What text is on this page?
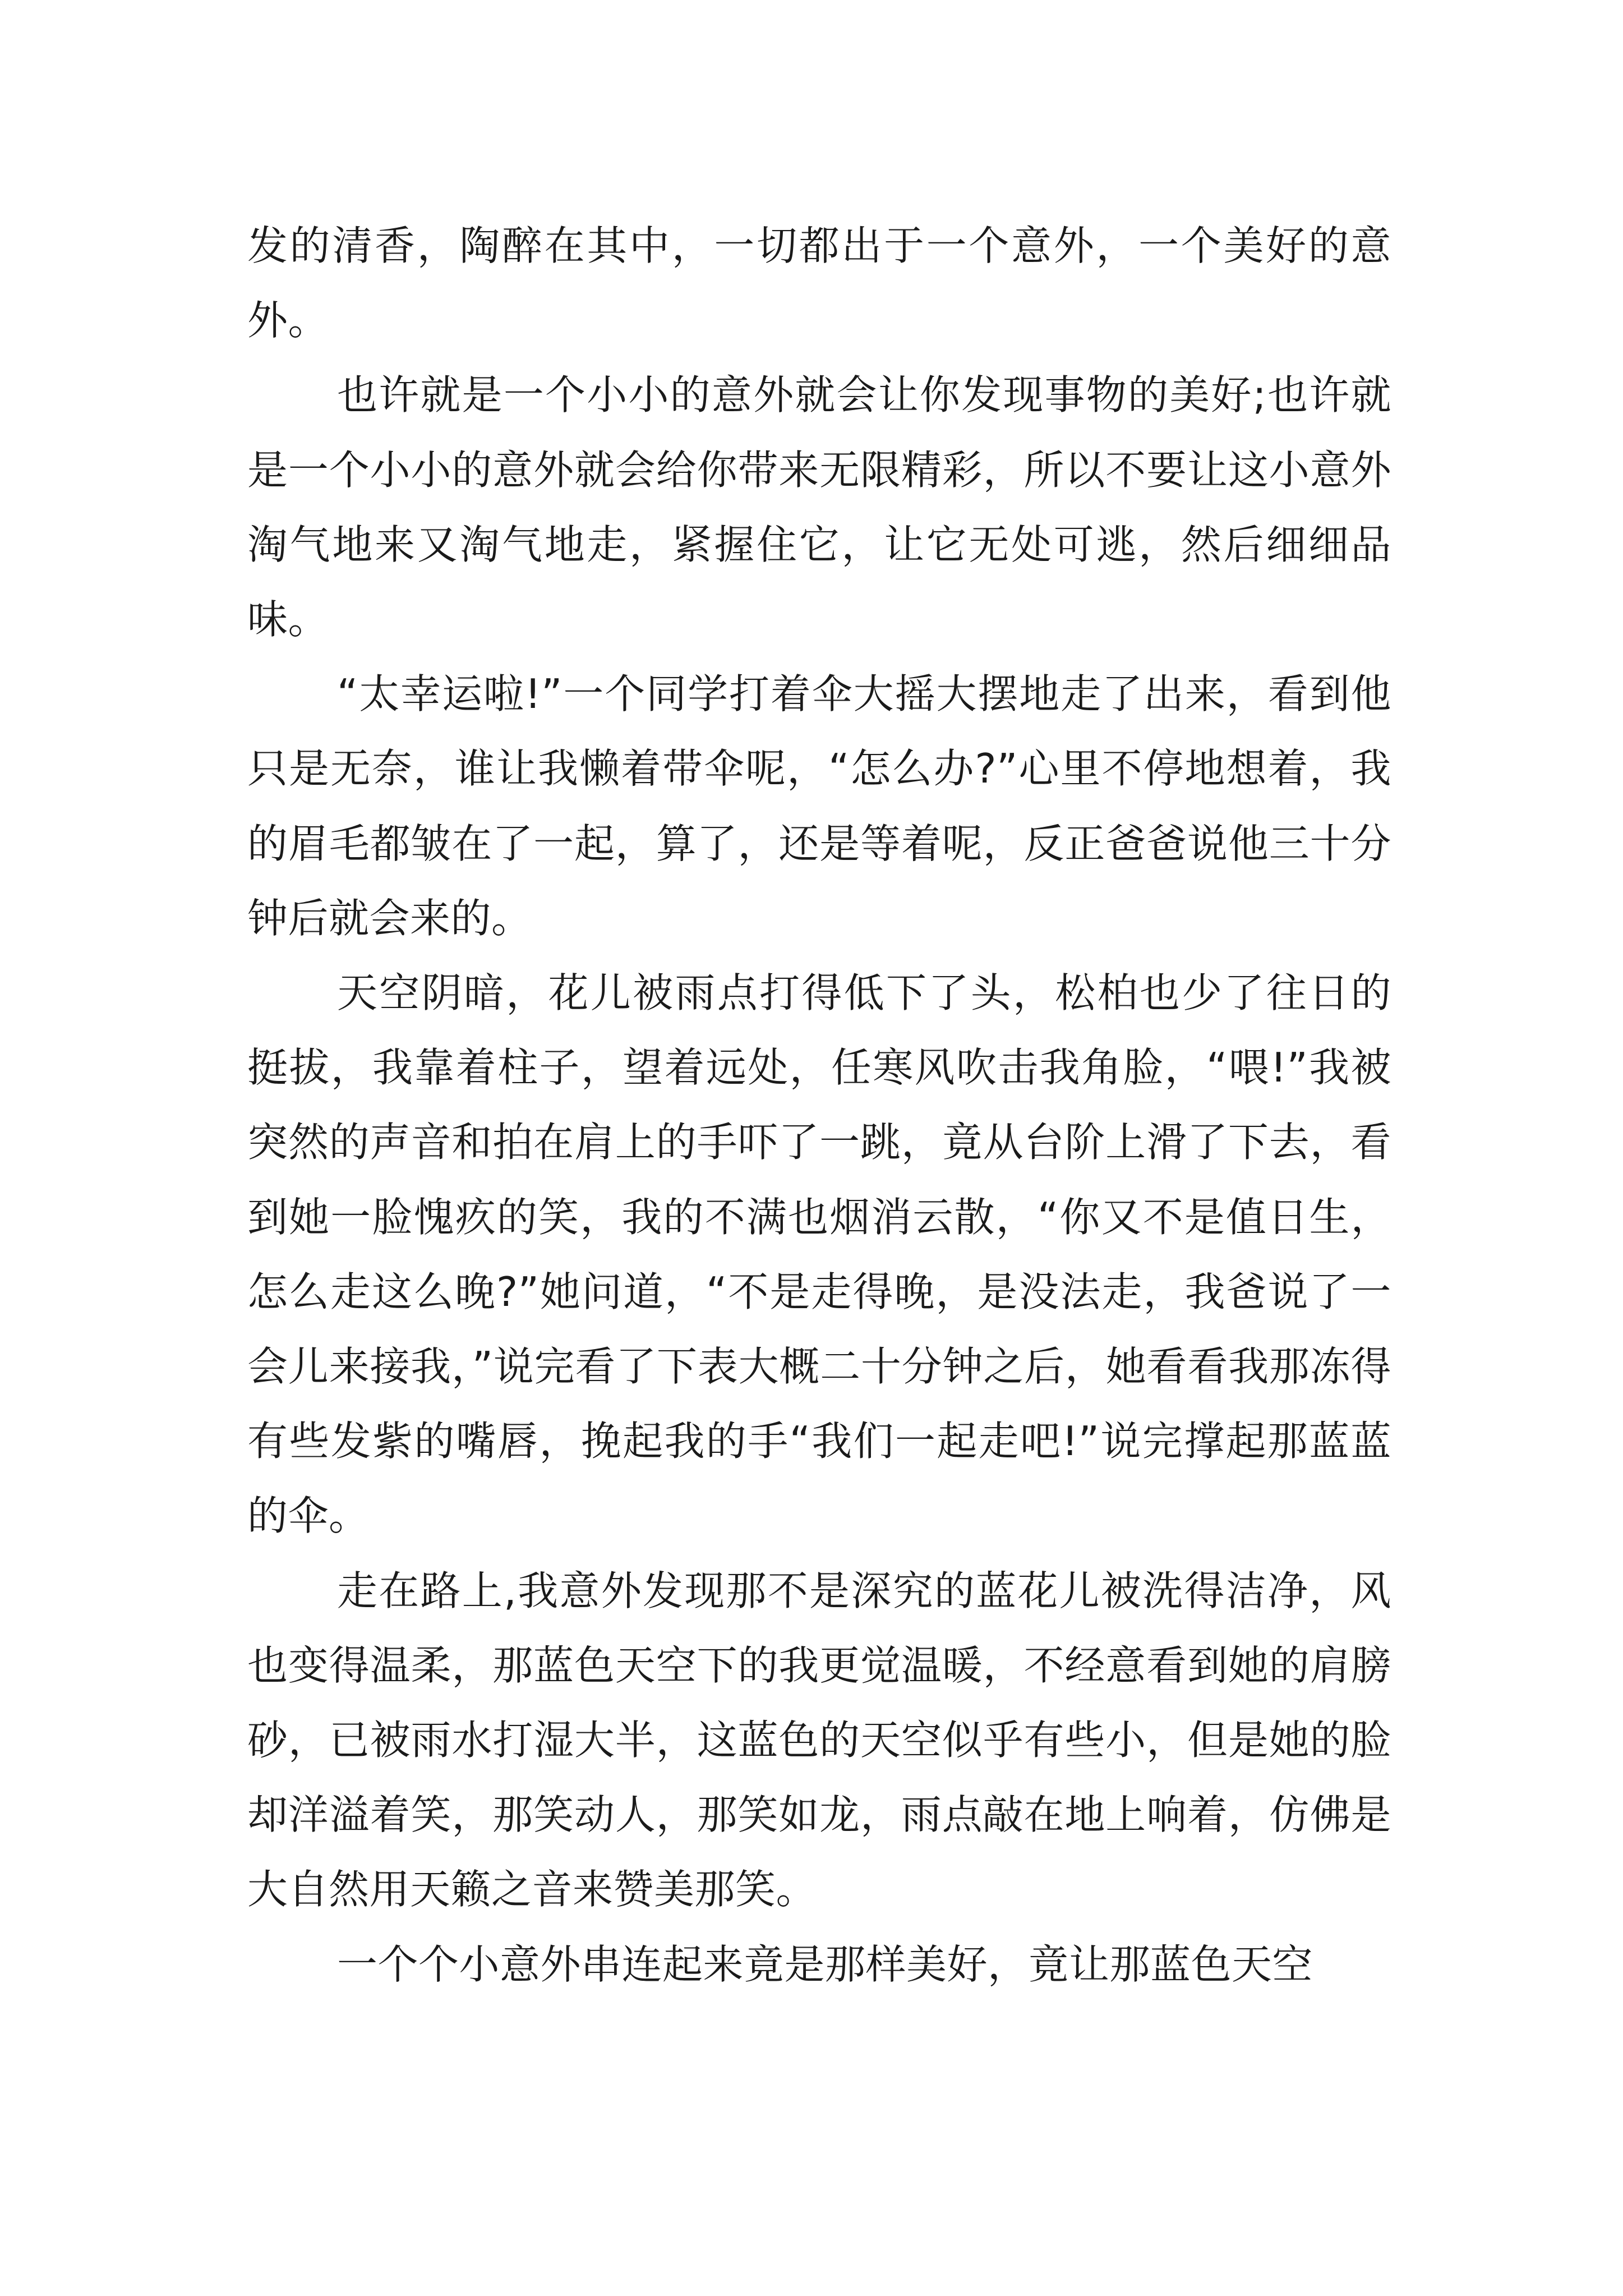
发的清香，陶醉在其中，一切都出于一个意外，一个美好的意外。

也许就是一个小小的意外就会让你发现事物的美好;也许就是一个小小的意外就会给你带来无限精彩，所以不要让这小意外淘气地来又淘气地走，紧握住它，让它无处可逃，然后细细品味。

“太幸运啦!”一个同学打着伞大摇大摆地走了出来，看到他只是无奈，谁让我懒着带伞呢，“怎么办?”心里不停地想着，我的眉毛都皱在了一起，算了，还是等着呢，反正爸爸说他三十分钟后就会来的。

天空阴暗，花儿被雨点打得低下了头，松柏也少了往日的挺拔，我靠着柱子，望着远处，任寒风吹击我角脸，“喂!”我被突然的声音和拍在肩上的手吓了一跳，竟从台阶上滑了下去，看到她一脸愧疚的笑，我的不满也烟消云散，“你又不是值日生，怎么走这么晚?”她问道，“不是走得晚，是没法走，我爸说了一会儿来接我，”说完看了下表大概二十分钟之后，她看看我那冻得有些发紫的嘴唇，挽起我的手“我们一起走吧!”说完撑起那蓝蓝的伞。

走在路上,我意外发现那不是深究的蓝花儿被洗得洁净，风也变得温柔，那蓝色天空下的我更觉温暖，不经意看到她的肩膀砂，已被雨水打湿大半，这蓝色的天空似乎有些小，但是她的脸却洋溢着笑，那笑动人，那笑如龙，雨点敲在地上响着，仿佛是大自然用天籁之音来赞美那笑。

一个个小意外串连起来竟是那样美好，竟让那蓝色天空
